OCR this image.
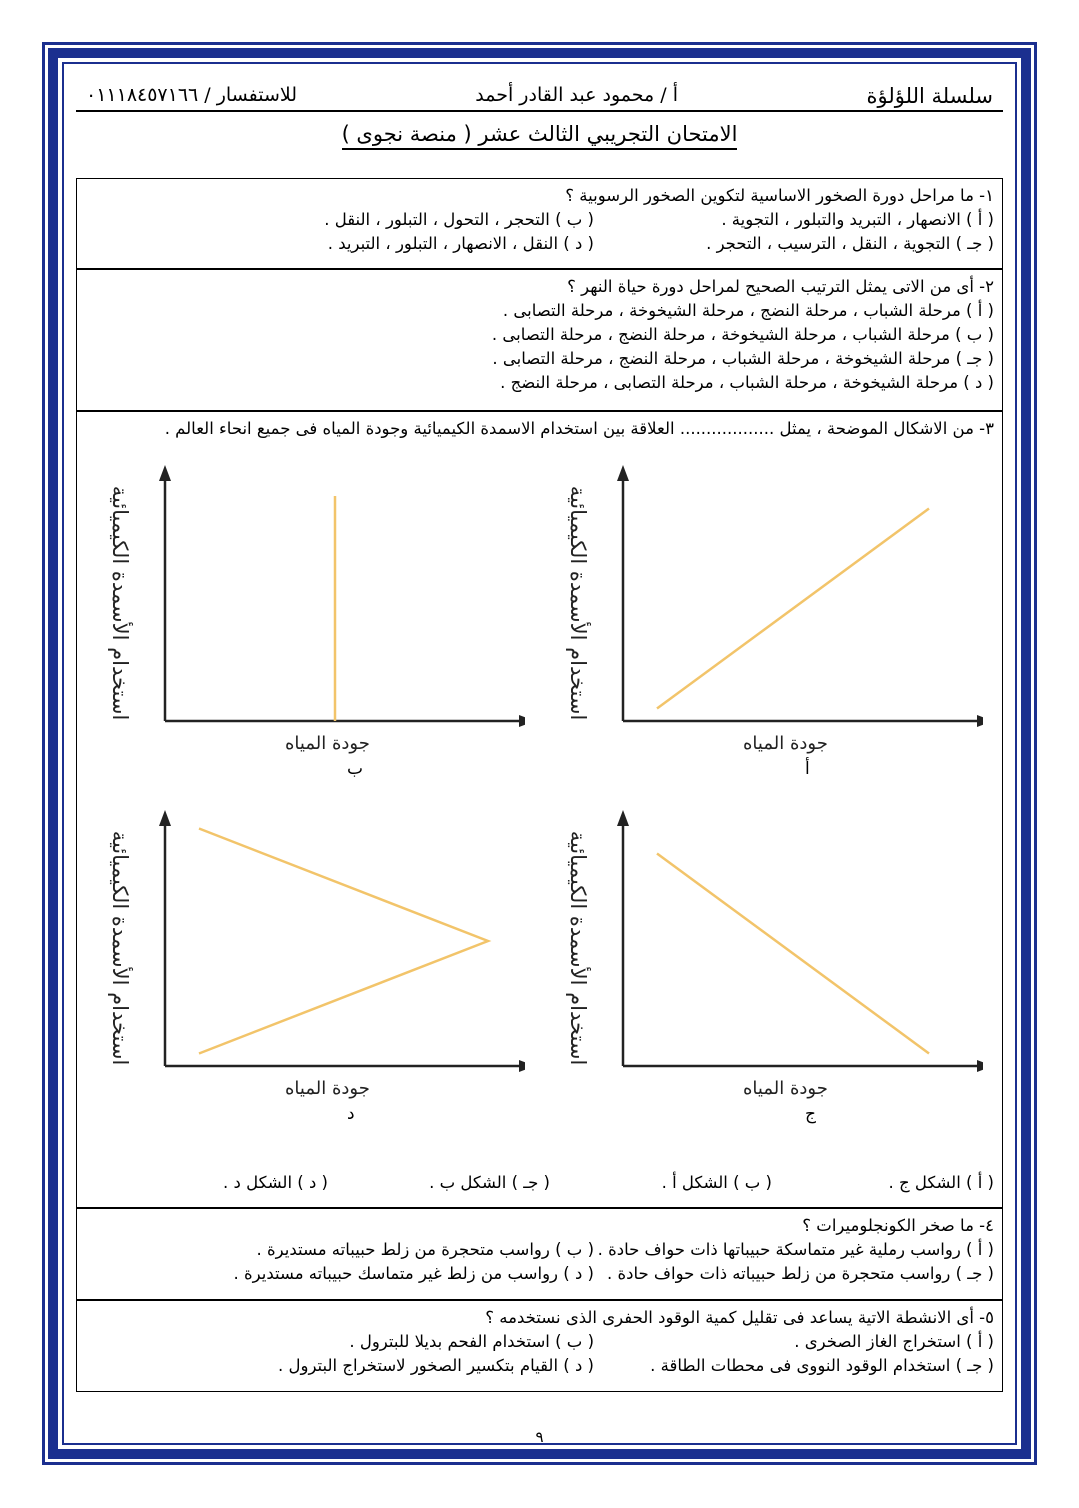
سلسلة اللؤلؤة
أ / محمود عبد القادر أحمد
للاستفسار / ٠١١١٨٤٥٧١٦٦
الامتحان التجريبي الثالث عشر ( منصة نجوى )
١- ما مراحل دورة الصخور الاساسية لتكوين الصخور الرسوبية ؟
( أ ) الانصهار ، التبريد والتبلور ، التجوية .
( ب ) التحجر ، التحول ، التبلور ، النقل .
( جـ ) التجوية ، النقل ، الترسيب ، التحجر .
( د ) النقل ، الانصهار ، التبلور ، التبريد .
٢- أى من الاتى يمثل الترتيب الصحيح لمراحل دورة حياة النهر ؟
( أ ) مرحلة الشباب ، مرحلة النضج ، مرحلة الشيخوخة ، مرحلة التصابى .
( ب ) مرحلة الشباب ، مرحلة الشيخوخة ، مرحلة النضج ، مرحلة التصابى .
( جـ ) مرحلة الشيخوخة ، مرحلة الشباب ، مرحلة النضج ، مرحلة التصابى .
( د ) مرحلة الشيخوخة ، مرحلة الشباب ، مرحلة التصابى ، مرحلة النضج .
٣- من الاشكال الموضحة ، يمثل .................. العلاقة بين استخدام الاسمدة الكيميائية وجودة المياه فى جميع انحاء العالم .
استخدام الأسمدة الكيميائية
جودة المياه
أ
استخدام الأسمدة الكيميائية
جودة المياه
ب
استخدام الأسمدة الكيميائية
جودة المياه
ج
استخدام الأسمدة الكيميائية
جودة المياه
د
( أ ) الشكل ج .
( ب ) الشكل أ .
( جـ ) الشكل ب .
( د ) الشكل د .
٤- ما صخر الكونجلوميرات ؟
( أ ) رواسب رملية غير متماسكة حبيباتها ذات حواف حادة .
( ب ) رواسب متحجرة من زلط حبيباته مستديرة .
( جـ ) رواسب متحجرة من زلط حبيباته ذات حواف حادة .
( د ) رواسب من زلط غير متماسك حبيباته مستديرة .
٥- أى الانشطة الاتية يساعد فى تقليل كمية الوقود الحفرى الذى نستخدمه ؟
( أ ) استخراج الغاز الصخرى .
( ب ) استخدام الفحم بديلا للبترول .
( جـ ) استخدام الوقود النووى فى محطات الطاقة .
( د ) القيام بتكسير الصخور لاستخراج البترول .
٩
